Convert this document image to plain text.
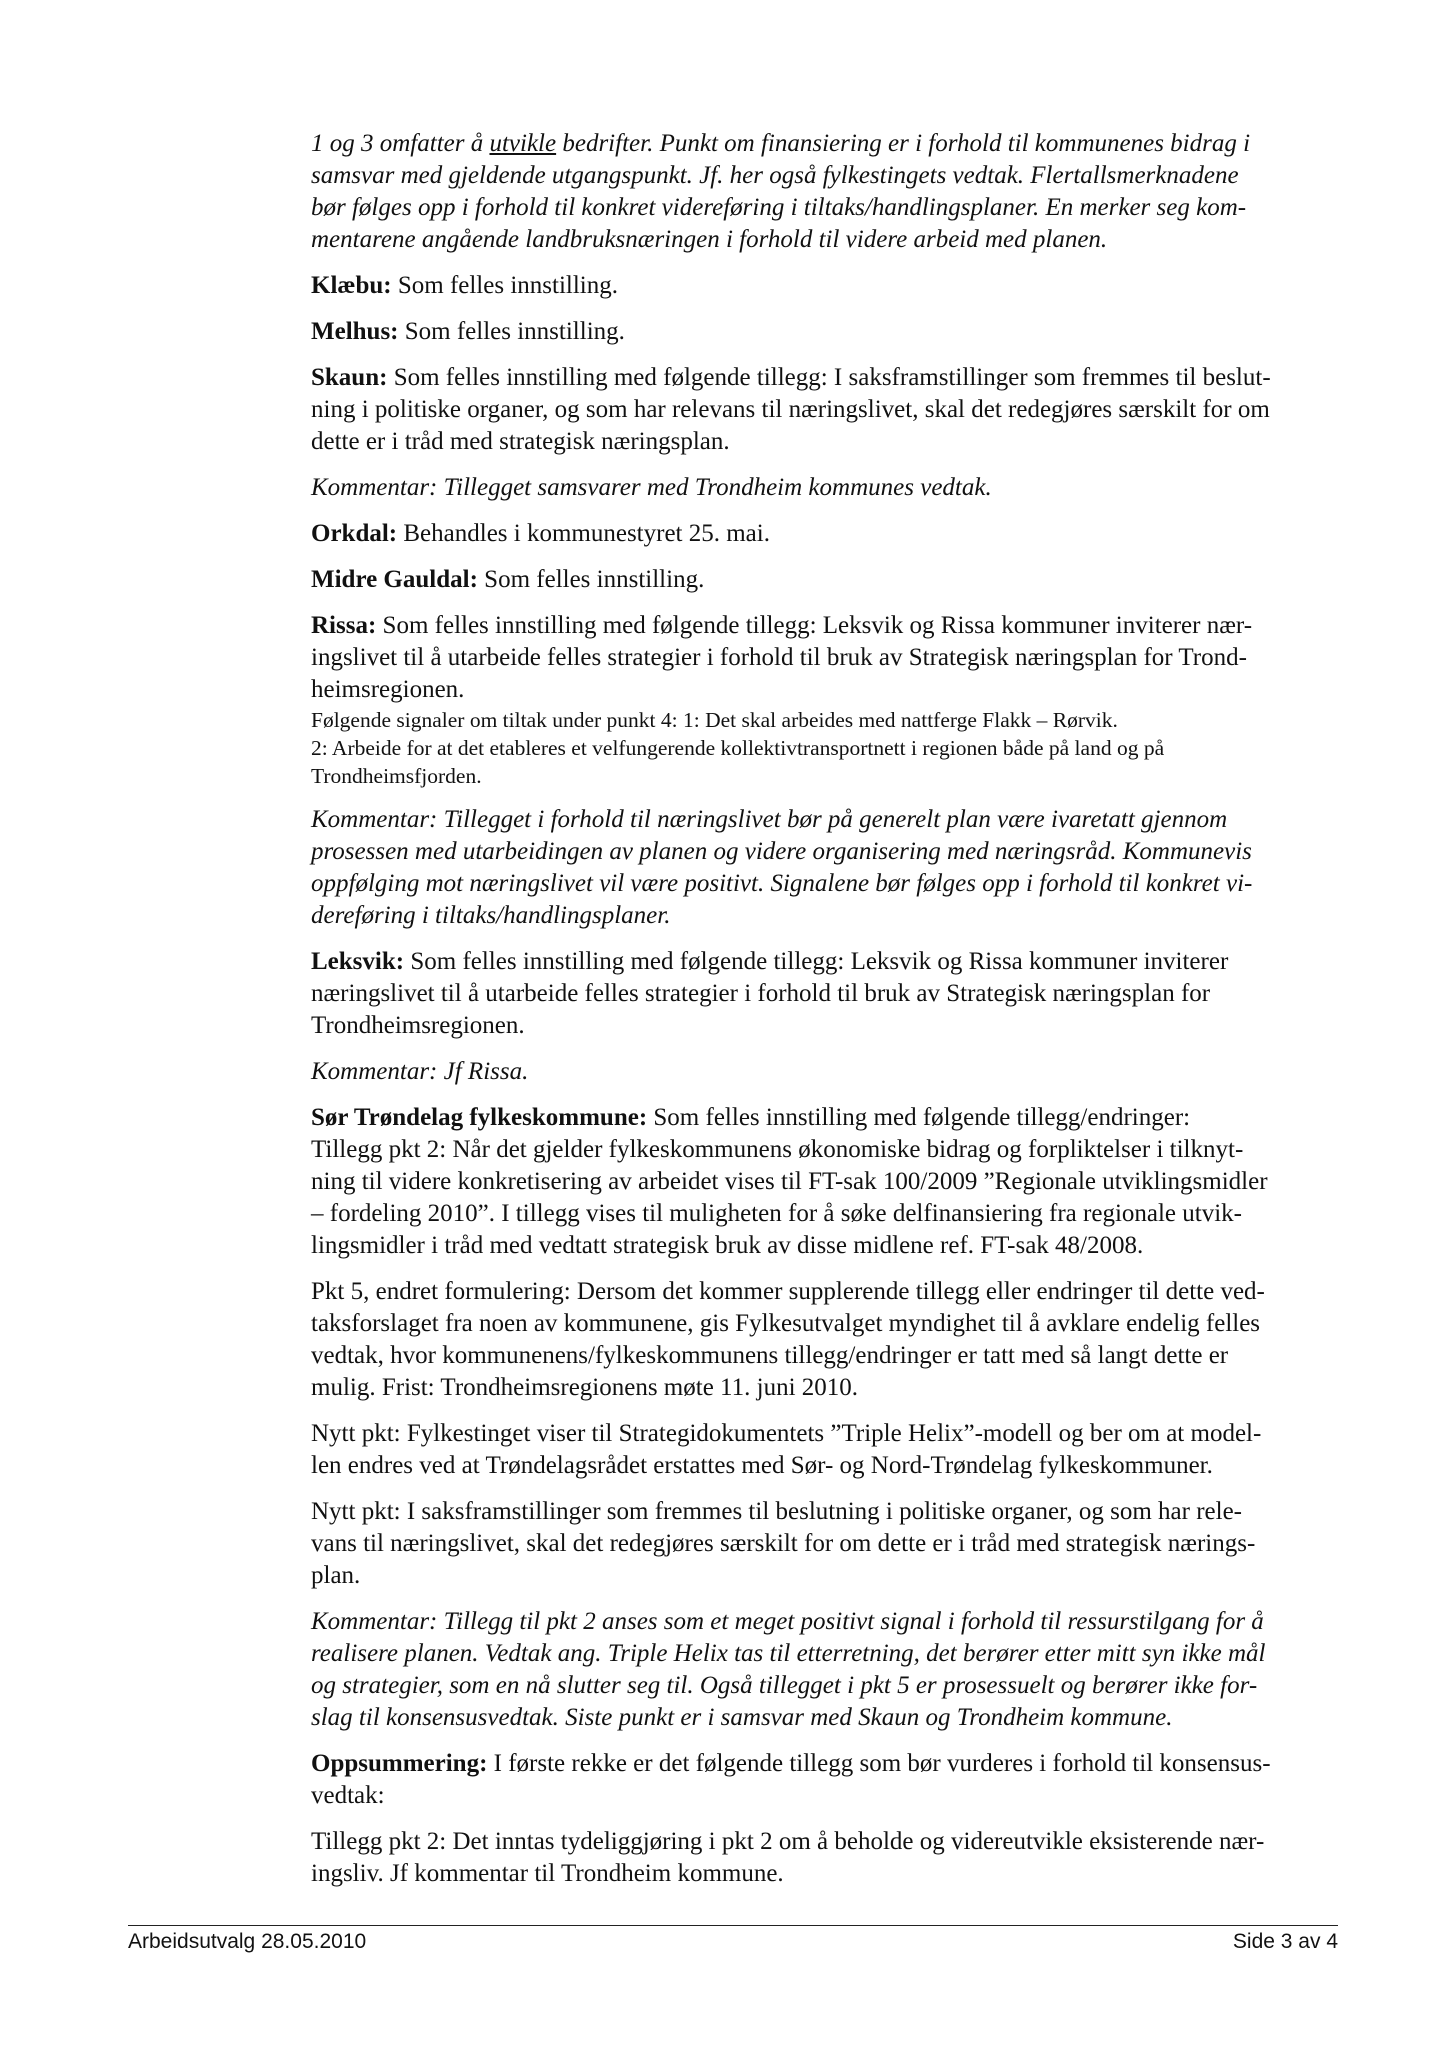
1 og 3 omfatter å utvikle bedrifter. Punkt om finansiering er i forhold til kommunenes bidrag i
samsvar med gjeldende utgangspunkt. Jf. her også fylkestingets vedtak. Flertallsmerknadene
bør følges opp i forhold til konkret videreføring i tiltaks/handlingsplaner. En merker seg kom-
mentarene angående landbruksnæringen i forhold til videre arbeid med planen.
Klæbu: Som felles innstilling.
Melhus: Som felles innstilling.
Skaun: Som felles innstilling med følgende tillegg: I saksframstillinger som fremmes til beslut-
ning i politiske organer, og som har relevans til næringslivet, skal det redegjøres særskilt for om
dette er i tråd med strategisk næringsplan.
Kommentar: Tillegget samsvarer med Trondheim kommunes vedtak.
Orkdal: Behandles i kommunestyret 25. mai.
Midre Gauldal: Som felles innstilling.
Rissa: Som felles innstilling med følgende tillegg: Leksvik og Rissa kommuner inviterer nær-
ingslivet til å utarbeide felles strategier i forhold til bruk av Strategisk næringsplan for Trond-
heimsregionen.
Følgende signaler om tiltak under punkt 4: 1: Det skal arbeides med nattferge Flakk – Rørvik.
2: Arbeide for at det etableres et velfungerende kollektivtransportnett i regionen både på land og på
Trondheimsfjorden.
Kommentar: Tillegget i forhold til næringslivet bør på generelt plan være ivaretatt gjennom
prosessen med utarbeidingen av planen og videre organisering med næringsråd. Kommunevis
oppfølging mot næringslivet vil være positivt. Signalene bør følges opp i forhold til konkret vi-
dereføring i tiltaks/handlingsplaner.
Leksvik: Som felles innstilling med følgende tillegg: Leksvik og Rissa kommuner inviterer
næringslivet til å utarbeide felles strategier i forhold til bruk av Strategisk næringsplan for
Trondheimsregionen.
Kommentar: Jf Rissa.
Sør Trøndelag fylkeskommune: Som felles innstilling med følgende tillegg/endringer:
Tillegg pkt 2: Når det gjelder fylkeskommunens økonomiske bidrag og forpliktelser i tilknyt-
ning til videre konkretisering av arbeidet vises til FT-sak 100/2009 ”Regionale utviklingsmidler
– fordeling 2010”. I tillegg vises til muligheten for å søke delfinansiering fra regionale utvik-
lingsmidler i tråd med vedtatt strategisk bruk av disse midlene ref. FT-sak 48/2008.
Pkt 5, endret formulering: Dersom det kommer supplerende tillegg eller endringer til dette ved-
taksforslaget fra noen av kommunene, gis Fylkesutvalget myndighet til å avklare endelig felles
vedtak, hvor kommunenens/fylkeskommunens tillegg/endringer er tatt med så langt dette er
mulig. Frist: Trondheimsregionens møte 11. juni 2010.
Nytt pkt: Fylkestinget viser til Strategidokumentets ”Triple Helix”-modell og ber om at model-
len endres ved at Trøndelagsrådet erstattes med Sør- og Nord-Trøndelag fylkeskommuner.
Nytt pkt: I saksframstillinger som fremmes til beslutning i politiske organer, og som har rele-
vans til næringslivet, skal det redegjøres særskilt for om dette er i tråd med strategisk nærings-
plan.
Kommentar: Tillegg til pkt 2 anses som et meget positivt signal i forhold til ressurstilgang for å
realisere planen. Vedtak ang. Triple Helix tas til etterretning, det berører etter mitt syn ikke mål
og strategier, som en nå slutter seg til. Også tillegget i pkt 5 er prosessuelt og berører ikke for-
slag til konsensusvedtak. Siste punkt er i samsvar med Skaun og Trondheim kommune.
Oppsummering: I første rekke er det følgende tillegg som bør vurderes i forhold til konsensus-
vedtak:
Tillegg pkt 2: Det inntas tydeliggjøring i pkt 2 om å beholde og videreutvikle eksisterende nær-
ingsliv. Jf kommentar til Trondheim kommune.
Arbeidsutvalg 28.05.2010	Side 3 av 4
